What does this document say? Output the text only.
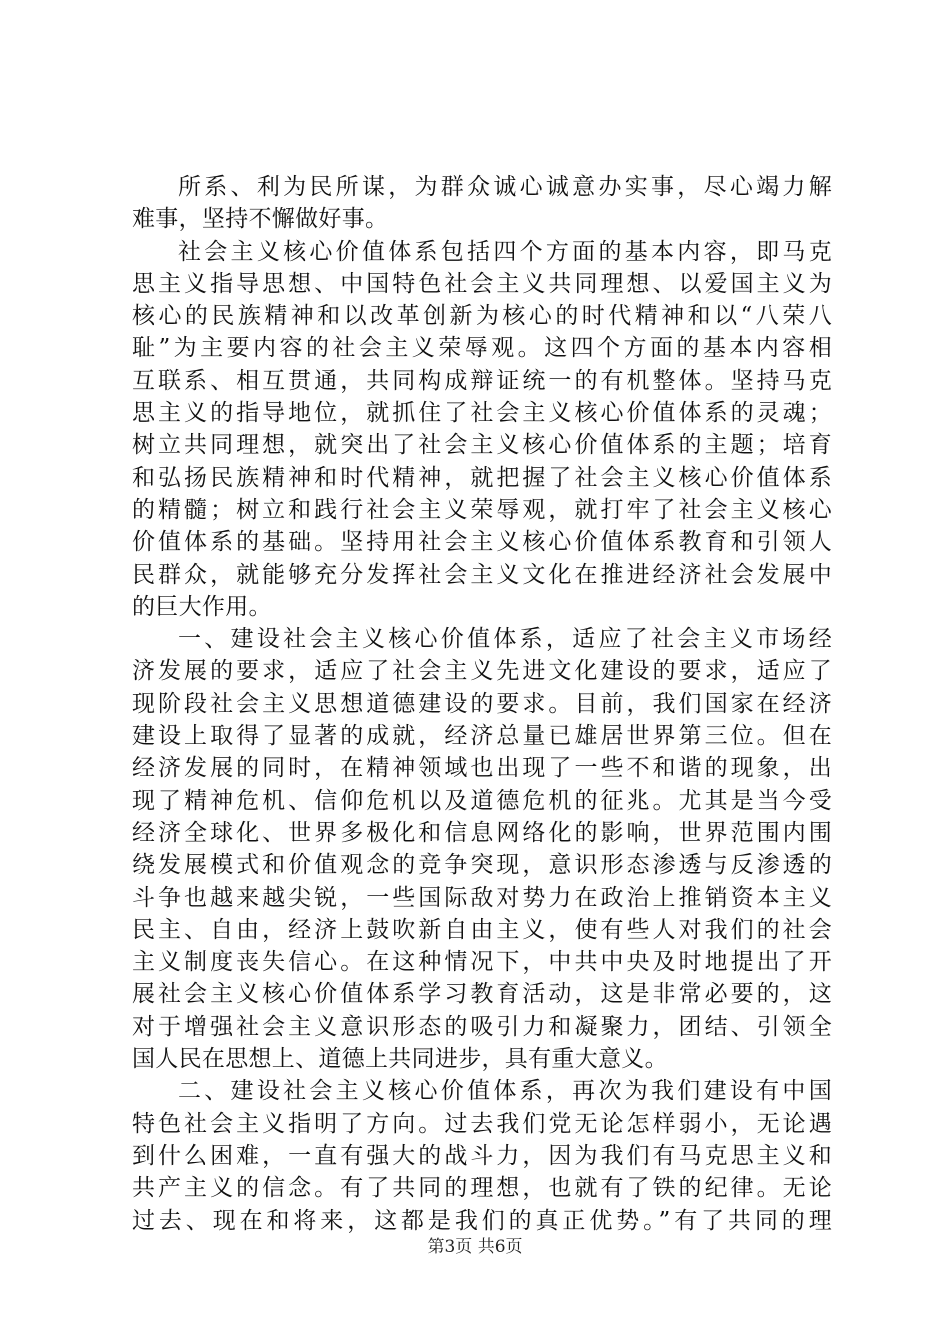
所系、利为民所谋，为群众诚心诚意办实事，尽心竭力解
难事，坚持不懈做好事。
社会主义核心价值体系包括四个方面的基本内容，即马克
思主义指导思想、中国特色社会主义共同理想、以爱国主义为
核心的民族精神和以改革创新为核心的时代精神和以“八荣八
耻”为主要内容的社会主义荣辱观。这四个方面的基本内容相
互联系、相互贯通，共同构成辩证统一的有机整体。坚持马克
思主义的指导地位，就抓住了社会主义核心价值体系的灵魂；
树立共同理想，就突出了社会主义核心价值体系的主题；培育
和弘扬民族精神和时代精神，就把握了社会主义核心价值体系
的精髓；树立和践行社会主义荣辱观，就打牢了社会主义核心
价值体系的基础。坚持用社会主义核心价值体系教育和引领人
民群众，就能够充分发挥社会主义文化在推进经济社会发展中
的巨大作用。
一、建设社会主义核心价值体系，适应了社会主义市场经
济发展的要求，适应了社会主义先进文化建设的要求，适应了
现阶段社会主义思想道德建设的要求。目前，我们国家在经济
建设上取得了显著的成就，经济总量已雄居世界第三位。但在
经济发展的同时，在精神领域也出现了一些不和谐的现象，出
现了精神危机、信仰危机以及道德危机的征兆。尤其是当今受
经济全球化、世界多极化和信息网络化的影响，世界范围内围
绕发展模式和价值观念的竞争突现，意识形态渗透与反渗透的
斗争也越来越尖锐，一些国际敌对势力在政治上推销资本主义
民主、自由，经济上鼓吹新自由主义，使有些人对我们的社会
主义制度丧失信心。在这种情况下，中共中央及时地提出了开
展社会主义核心价值体系学习教育活动，这是非常必要的，这
对于增强社会主义意识形态的吸引力和凝聚力，团结、引领全
国人民在思想上、道德上共同进步，具有重大意义。
二、建设社会主义核心价值体系，再次为我们建设有中国
特色社会主义指明了方向。过去我们党无论怎样弱小，无论遇
到什么困难，一直有强大的战斗力，因为我们有马克思主义和
共产主义的信念。有了共同的理想，也就有了铁的纪律。无论
过去、现在和将来，这都是我们的真正优势。”有了共同的理
第3页 共6页
